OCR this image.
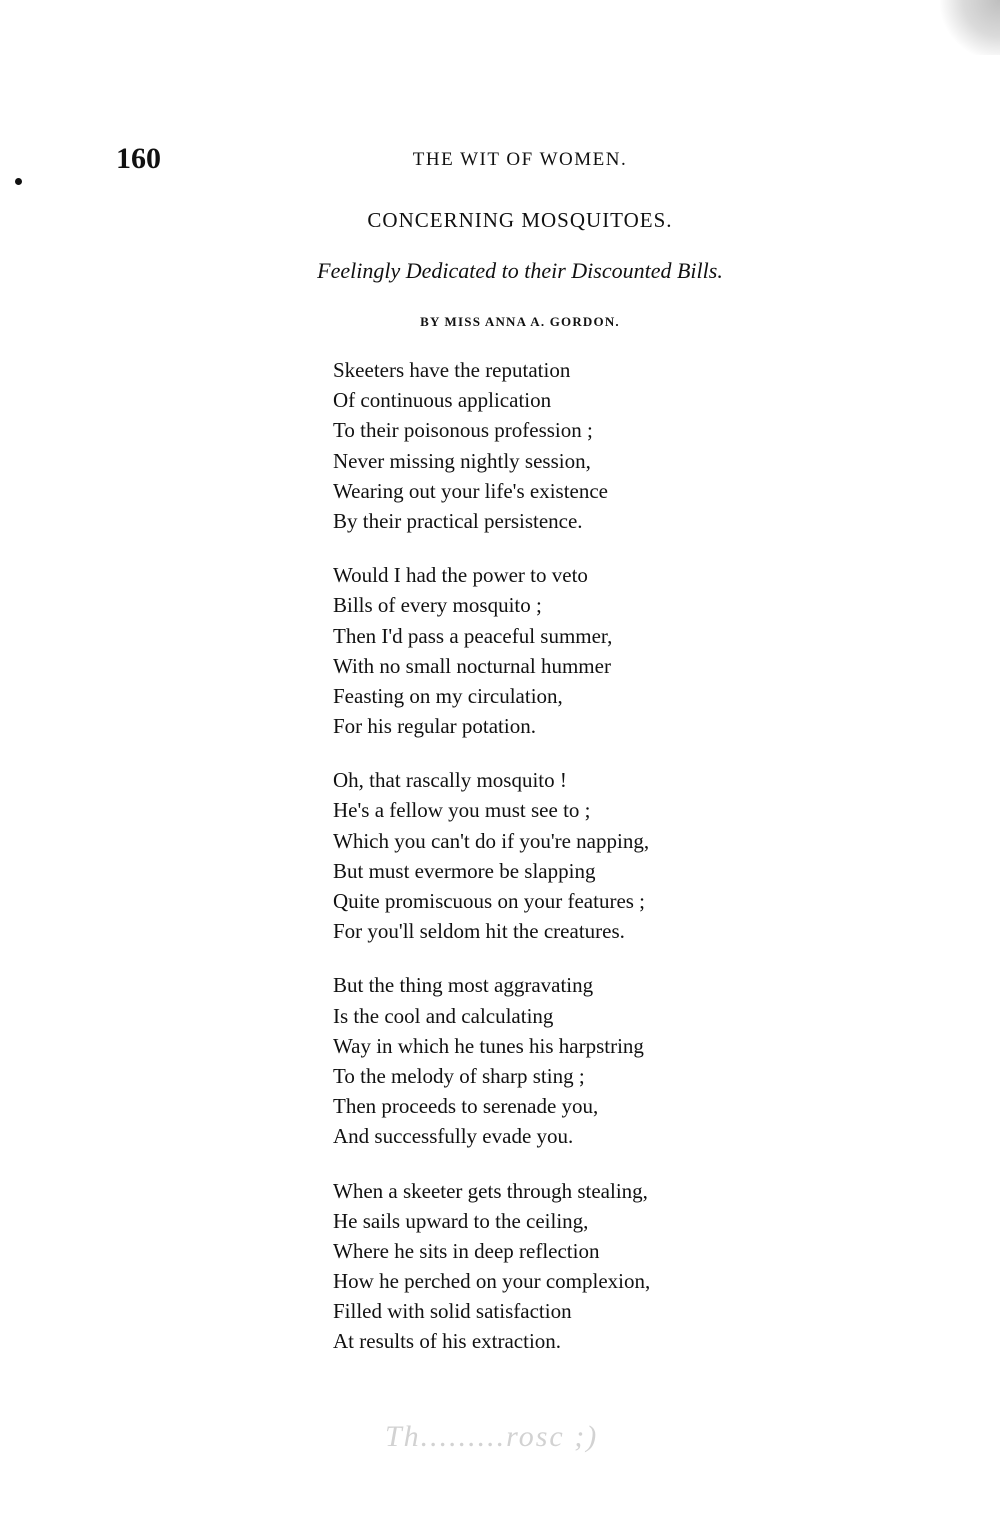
160	THE WIT OF WOMEN.
CONCERNING MOSQUITOES.
Feelingly Dedicated to their Discounted Bills.
BY MISS ANNA A. GORDON.
Skeeters have the reputation
Of continuous application
To their poisonous profession ;
Never missing nightly session,
Wearing out your life's existence
By their practical persistence.
Would I had the power to veto
Bills of every mosquito ;
Then I'd pass a peaceful summer,
With no small nocturnal hummer
Feasting on my circulation,
For his regular potation.
Oh, that rascally mosquito !
He's a fellow you must see to ;
Which you can't do if you're napping,
But must evermore be slapping
Quite promiscuous on your features ;
For you'll seldom hit the creatures.
But the thing most aggravating
Is the cool and calculating
Way in which he tunes his harpstring
To the melody of sharp sting ;
Then proceeds to serenade you,
And successfully evade you.
When a skeeter gets through stealing,
He sails upward to the ceiling,
Where he sits in deep reflection
How he perched on your complexion,
Filled with solid satisfaction
At results of his extraction.
Th.........rosc ;)
